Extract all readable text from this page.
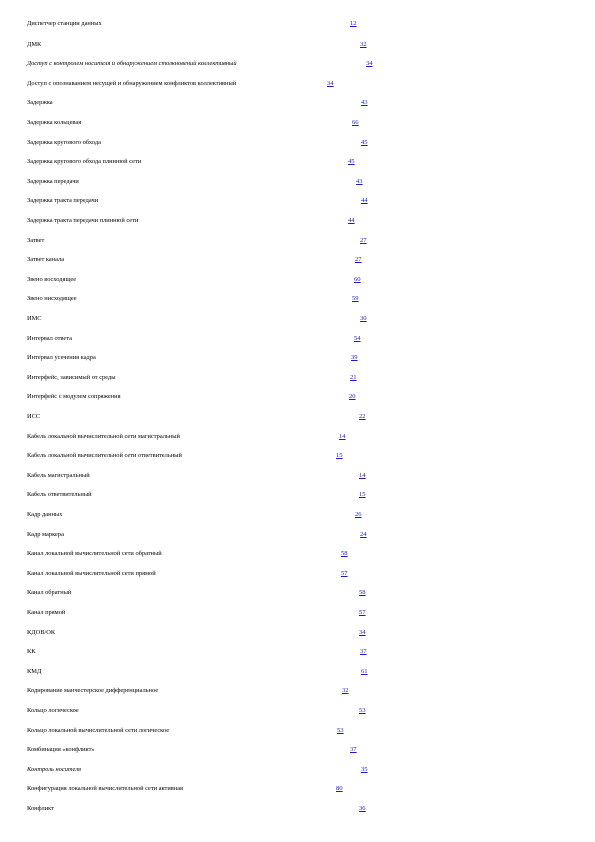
Диспетчер станции данных	12
ДМК	32
Доступ с контролем носителя и обнаружением столкновений коллективный	34
Доступ с опознаванием несущей и обнаружением конфликтов коллективный	34
Задержка	43
Задержка кольцевая	66
Задержка кругового обхода	45
Задержка кругового обхода плиннюй сети	45
Задержка передачи	43
Задержка тракта передачи	44
Задержка тракта передачи плиннюй сети	44
Затвет	27
Затвет канала	27
Звено восходящее	60
Звено нисходящее	59
ИМС	30
Интервал ответа	54
Интервал усечения кадра	39
Интерфейс, зависимый от среды	21
Интерфейс с модулем сопряжения	20
ИСС	22
Кабель локальной вычислительной сети магистральный	14
Кабель локальной вычислительной сети ответвительный	15
Кабель магистральный	14
Кабель ответвительный	15
Кадр данных	26
Кадр маркера	24
Канал локальной вычислительной сети обратный	58
Канал локальной вычислительной сети прямой	57
Канал обратный	58
Канал прямой	57
КДОВ/ОК	34
КК	37
КМД	61
Кодирование манчестерское дифференциальное	32
Кольцо логическое	53
Кольцо локальной вычислительной сети логическое	53
Комбинация «конфликт»	37
Контроль носителя	35
Конфигурация локальной вычислительной сети активная	80
Конфликт	36
